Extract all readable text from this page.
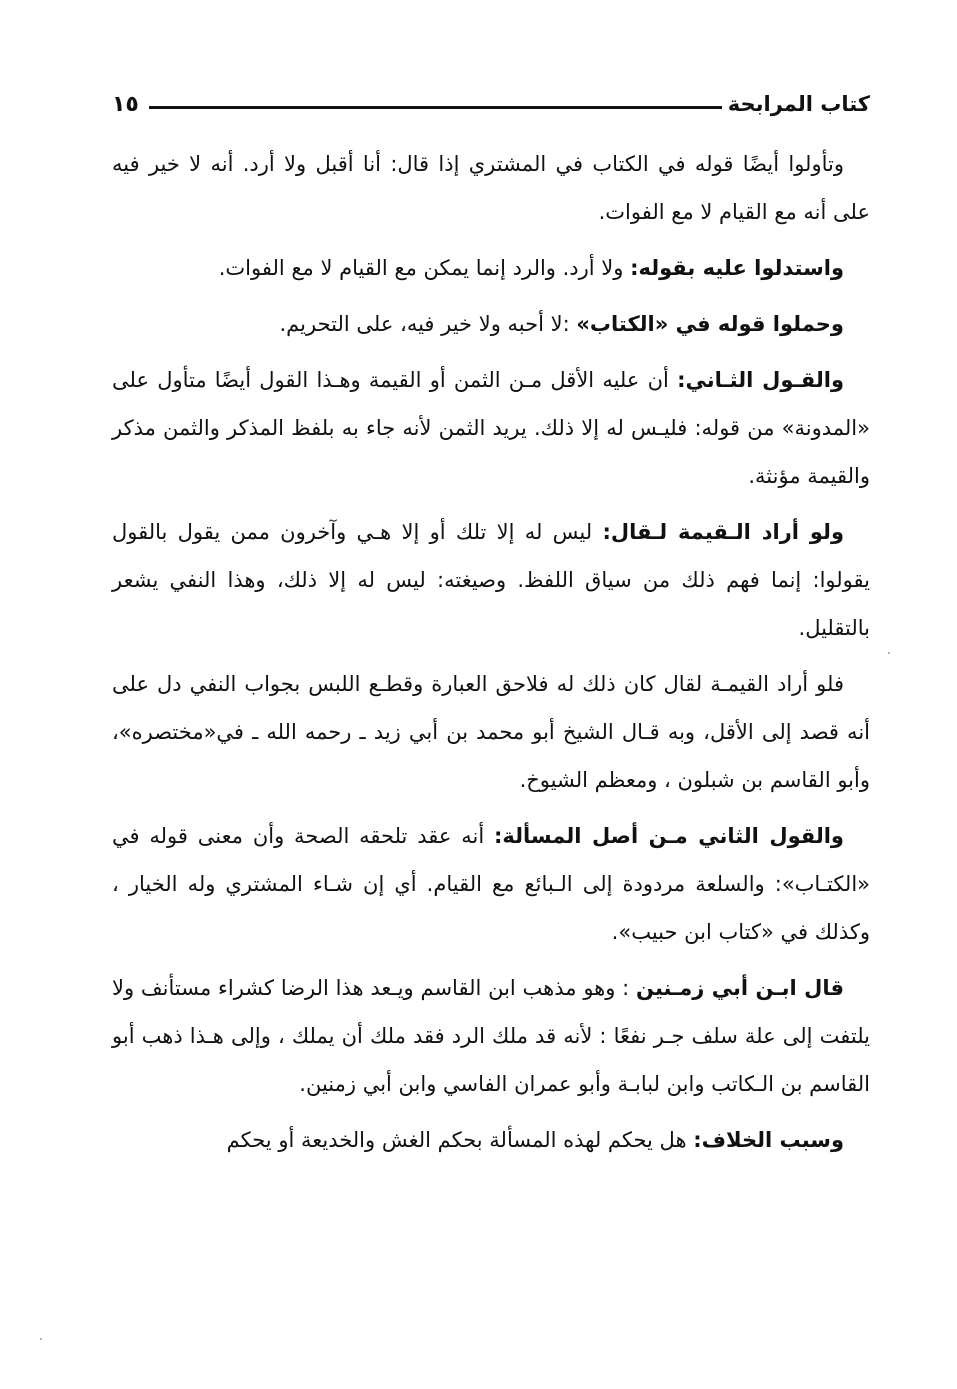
كتاب المرابحة
١٥

وتأولوا أيضًا قوله في الكتاب في المشتري إذا قال: أنا أقبل ولا أرد. أنه لا خير فيه على أنه مع القيام لا مع الفوات.

واستدلوا عليه بقوله: ولا أرد. والرد إنما يمكن مع القيام لا مع الفوات.

وحملوا قوله في «الكتاب» :لا أحبه ولا خير فيه، على التحريم.

والقـول الثـاني: أن عليه الأقل مـن الثمن أو القيمة وهـذا القول أيضًا متأول على «المدونة» من قوله: فليـس له إلا ذلك. يريد الثمن لأنه جاء به بلفظ المذكر والثمن مذكر والقيمة مؤنثة.

ولو أراد الـقيمة لـقال: ليس له إلا تلك أو إلا هـي وآخرون ممن يقول بالقول يقولوا: إنما فهم ذلك من سياق اللفظ. وصيغته: ليس له إلا ذلك، وهذا النفي يشعر بالتقليل.

فلو أراد القيمـة لقال كان ذلك له فلاحق العبارة وقطـع اللبس بجواب النفي دل على أنه قصد إلى الأقل، وبه قـال الشيخ أبو محمد بن أبي زيد ـ رحمه الله ـ في«مختصره»، وأبو القاسم بن شبلون ، ومعظم الشيوخ.

والقول الثاني مـن أصل المسألة: أنه عقد تلحقه الصحة وأن معنى قوله في «الكتـاب»: والسلعة مردودة إلى الـبائع مع القيام. أي إن شـاء المشتري وله الخيار ، وكذلك في «كتاب ابن حبيب».

قال ابـن أبي زمـنين : وهو مذهب ابن القاسم ويـعد هذا الرضا كشراء مستأنف ولا يلتفت إلى علة سلف جـر نفعًا : لأنه قد ملك الرد فقد ملك أن يملك ، وإلى هـذا ذهب أبو القاسم بن الـكاتب وابن لبابـة وأبو عمران الفاسي وابن أبي زمنين.

وسبب الخلاف: هل يحكم لهذه المسألة بحكم الغش والخديعة أو يحكم
